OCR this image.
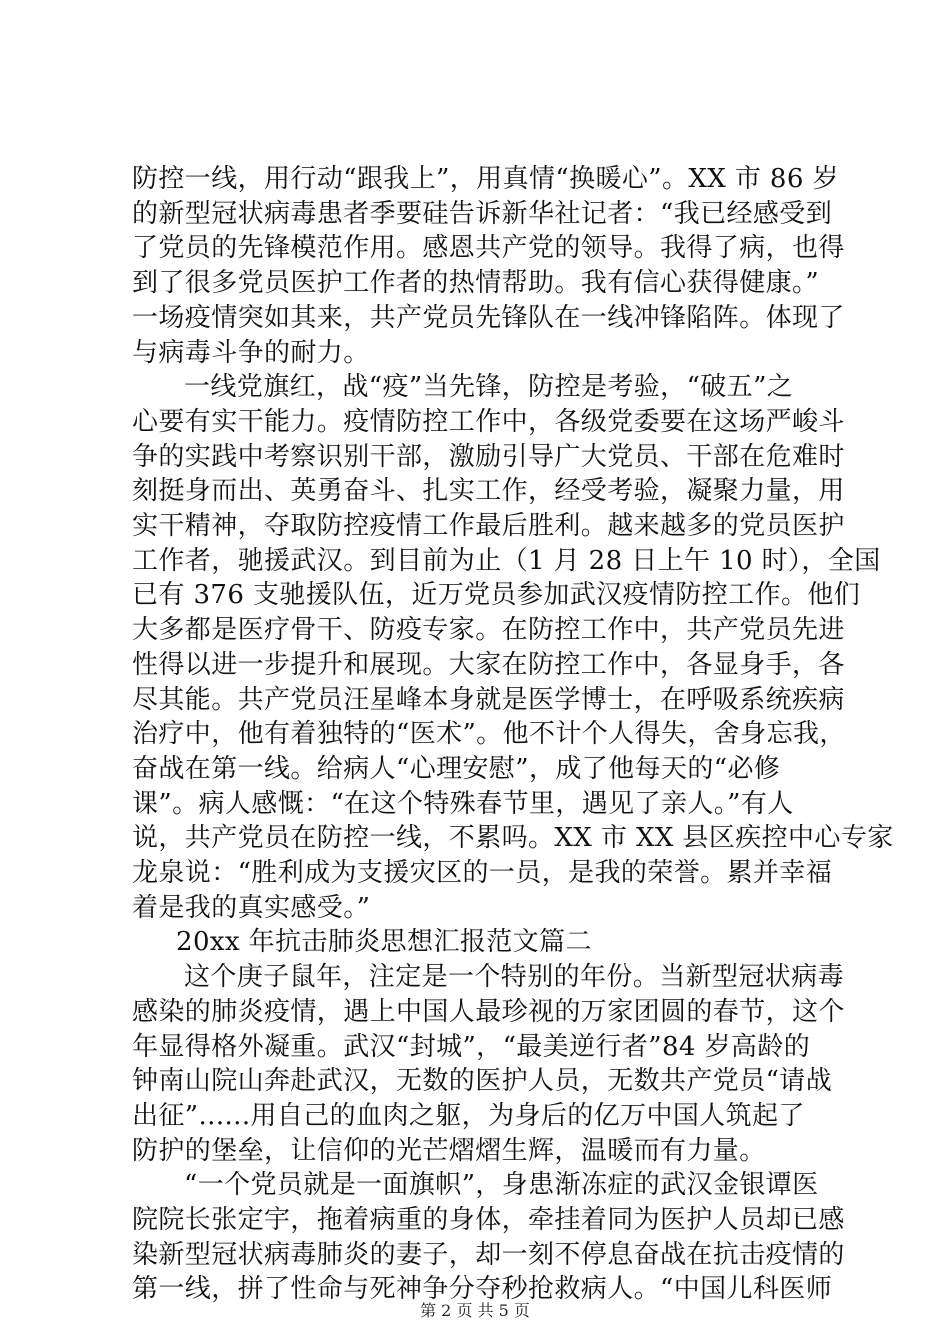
防控一线，用行动“跟我上”，用真情“换暖心”。XX 市 86 岁
的新型冠状病毒患者季要硅告诉新华社记者：“我已经感受到
了党员的先锋模范作用。感恩共产党的领导。我得了病，也得
到了很多党员医护工作者的热情帮助。我有信心获得健康。”
一场疫情突如其来，共产党员先锋队在一线冲锋陷阵。体现了
与病毒斗争的耐力。
一线党旗红，战“疫”当先锋，防控是考验，“破五”之
心要有实干能力。疫情防控工作中，各级党委要在这场严峻斗
争的实践中考察识别干部，激励引导广大党员、干部在危难时
刻挺身而出、英勇奋斗、扎实工作，经受考验，凝聚力量，用
实干精神，夺取防控疫情工作最后胜利。越来越多的党员医护
工作者，驰援武汉。到目前为止（1 月 28 日上午 10 时），全国
已有 376 支驰援队伍，近万党员参加武汉疫情防控工作。他们
大多都是医疗骨干、防疫专家。在防控工作中，共产党员先进
性得以进一步提升和展现。大家在防控工作中，各显身手，各
尽其能。共产党员汪星峰本身就是医学博士，在呼吸系统疾病
治疗中，他有着独特的“医术”。他不计个人得失，舍身忘我，
奋战在第一线。给病人“心理安慰”，成了他每天的“必修
课”。病人感慨：“在这个特殊春节里，遇见了亲人。”有人
说，共产党员在防控一线，不累吗。XX 市 XX 县区疾控中心专家
龙泉说：“胜利成为支援灾区的一员，是我的荣誉。累并幸福
着是我的真实感受。”
20xx 年抗击肺炎思想汇报范文篇二
这个庚子鼠年，注定是一个特别的年份。当新型冠状病毒
感染的肺炎疫情，遇上中国人最珍视的万家团圆的春节，这个
年显得格外凝重。武汉“封城”，“最美逆行者”84 岁高龄的
钟南山院山奔赴武汉，无数的医护人员，无数共产党员“请战
出征”......用自己的血肉之躯，为身后的亿万中国人筑起了
防护的堡垒，让信仰的光芒熠熠生辉，温暖而有力量。
“一个党员就是一面旗帜”，身患渐冻症的武汉金银谭医
院院长张定宇，拖着病重的身体，牵挂着同为医护人员却已感
染新型冠状病毒肺炎的妻子，却一刻不停息奋战在抗击疫情的
第一线，拼了性命与死神争分夺秒抢救病人。“中国儿科医师
第 2 页 共 5 页
